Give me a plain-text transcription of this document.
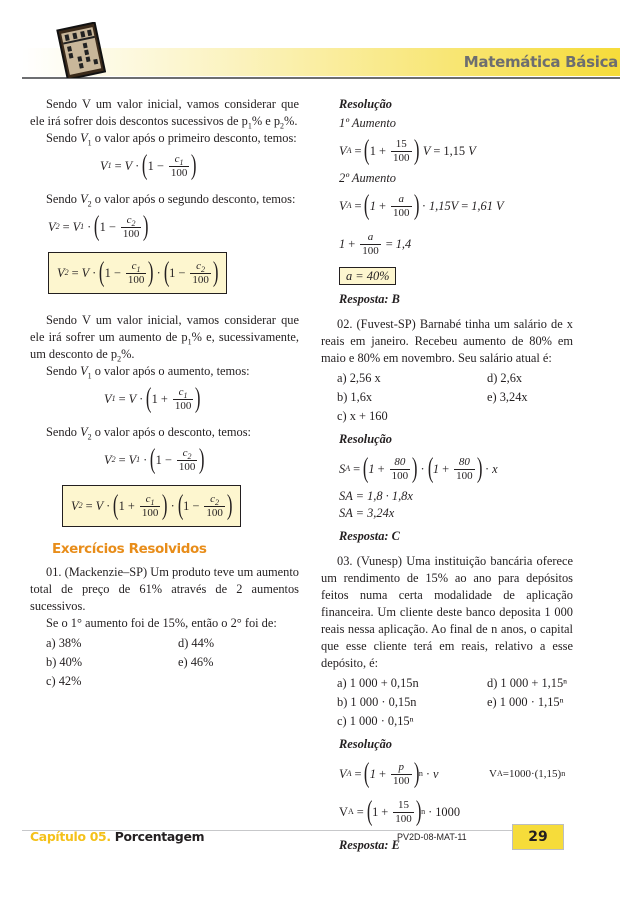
Matemática Básica

Sendo V um valor inicial, vamos considerar que ele irá sofrer dois descontos sucessivos de $p_1\%$ e $p_2\%$.

Sendo $V_1$ o valor após o primeiro desconto, temos:

V 1 = V · ( $1 - \frac{c_1}{100}$ )

Sendo $V_2$ o valor após o segundo desconto, temos:

V 2 = V 1 · ( $1 - \frac{c_2}{100}$ )
V 2 = V · ( $1 - \frac{c_1}{100}$ ) · ( $1 - \frac{c_2}{100}$ )

Sendo V um valor inicial, vamos considerar que ele irá sofrer um aumento de $p_1\%$ e, sucessivamente, um desconto de $p_2\%$.

Sendo $V_1$ o valor após o aumento, temos:

V 1 = V · ( $1 + \frac{c_1}{100}$ )

Sendo $V_2$ o valor após o desconto, temos:

V 2 = V 1 · ( $1 - \frac{c_2}{100}$ )
V 2 = V · ( $1 + \frac{c_1}{100}$ ) · ( $1 - \frac{c_2}{100}$ )
Exercícios Resolvidos

01. (Mackenzie–SP) Um produto teve um aumento total de preço de 61% através de 2 aumentos sucessivos.

Se o 1° aumento foi de 15%, então o 2° foi de:

a) 38%	d) 44%
b) 40%	e) 46%
c) 42%
Resolução
1º Aumento
V A = ( $1 + \frac{15}{100}$ ) V = 1,15 V
2º Aumento
V A = ( $1 + \frac{a}{100}$ ) · 1,15V = 1,61 V
$1 + \frac{a}{100} = 1,4$
a = 40%
Resposta: B

02. (Fuvest-SP) Barnabé tinha um salário de x reais em janeiro. Recebeu aumento de 80% em maio e 80% em novembro. Seu salário atual é:

a) 2,56 x	d) 2,6x
b) 1,6x	e) 3,24x
c) x + 160
Resolução
S A = ( $1 + \frac{80}{100}$ ) · ( $1 + \frac{80}{100}$ ) · x
SA = 1,8 · 1,8x
SA = 3,24x
Resposta: C

03. (Vunesp) Uma instituição bancária oferece um rendimento de 15% ao ano para depósitos feitos numa certa modalidade de aplicação financeira. Um cliente deste banco deposita 1 000 reais nessa aplicação. Ao final de n anos, o capital que esse cliente terá em reais, relativo a esse depósito, é:

a) 1 000 + 0,15n	d) 1 000 + 1,15ⁿ
b) 1 000 · 0,15n	e) 1 000 · 1,15ⁿ
c) 1 000 · 0,15ⁿ
Resolução
V A = ( $1 + \frac{p}{100}$ ) n · v	V A =1000·(1,15) n
V A = ( $1 + \frac{15}{100}$ ) n · 1000
Resposta: E
Capítulo 05. Porcentagem	PV2D-08-MAT-11	29
